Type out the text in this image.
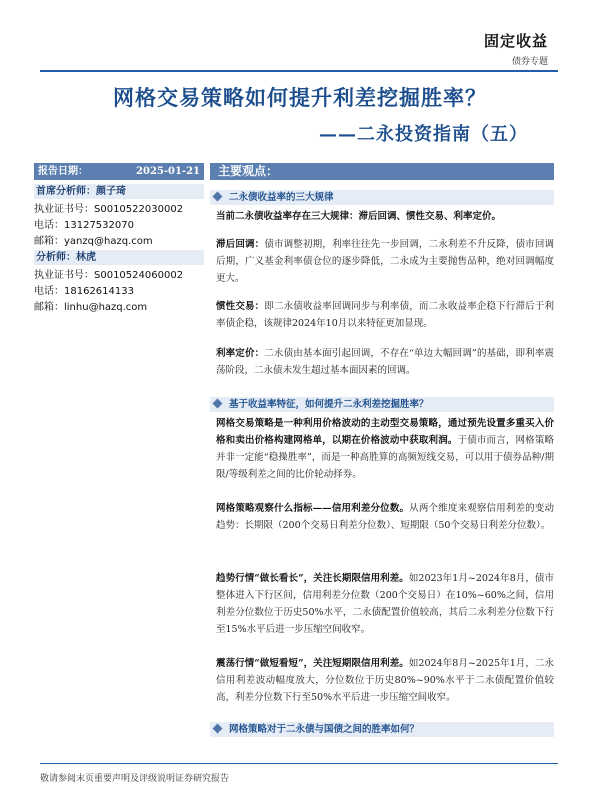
固定收益
债券专题
网格交易策略如何提升利差挖掘胜率？
——二永投资指南（五）
报告日期：	2025-01-21
首席分析师：颜子琦
执业证书号：S0010522030002
电话：13127532070
邮箱：yanzq@hazq.com
分析师：林虎
执业证书号：S0010524060002
电话：18162614133
邮箱：linhu@hazq.com
主要观点：
二永债收益率的三大规律
当前二永债收益率存在三大规律：滞后回调、惯性交易、利率定价。
滞后回调：债市调整初期，利率往往先一步回调，二永利差不升反降，债市回调后期，广义基金利率债仓位的逐步降低，二永成为主要抛售品种，绝对回调幅度更大。
惯性交易：即二永债收益率回调同步与利率债，而二永收益率企稳下行滞后于利率债企稳，该规律2024年10月以来特征更加显现。
利率定价：二永债由基本面引起回调，不存在“单边大幅回调”的基础，即利率震荡阶段，二永债未发生超过基本面因素的回调。
基于收益率特征，如何提升二永利差挖掘胜率？
网格交易策略是一种利用价格波动的主动型交易策略，通过预先设置多重买入价格和卖出价格构建网格单，以期在价格波动中获取利润。于债市而言，网格策略并非一定能“稳操胜率”，而是一种高胜算的高频短线交易，可以用于债券品种/期限/等级利差之间的比价轮动择券。
网格策略观察什么指标——信用利差分位数。从两个维度来观察信用利差的变动趋势：长期限（200个交易日利差分位数）、短期限（50个交易日利差分位数）。
趋势行情“做长看长”，关注长期限信用利差。如2023年1月~2024年8月，债市整体进入下行区间，信用利差分位数（200个交易日）在10%~60%之间，信用利差分位数位于历史50%水平，二永债配置价值较高，其后二永利差分位数下行至15%水平后进一步压缩空间收窄。
震荡行情“做短看短”，关注短期限信用利差。如2024年8月~2025年1月，二永信用利差波动幅度放大，分位数位于历史80%~90%水平于二永债配置价值较高，利差分位数下行至50%水平后进一步压缩空间收窄。
网格策略对于二永债与国债之间的胜率如何？
敬请参阅末页重要声明及评级说明证券研究报告
